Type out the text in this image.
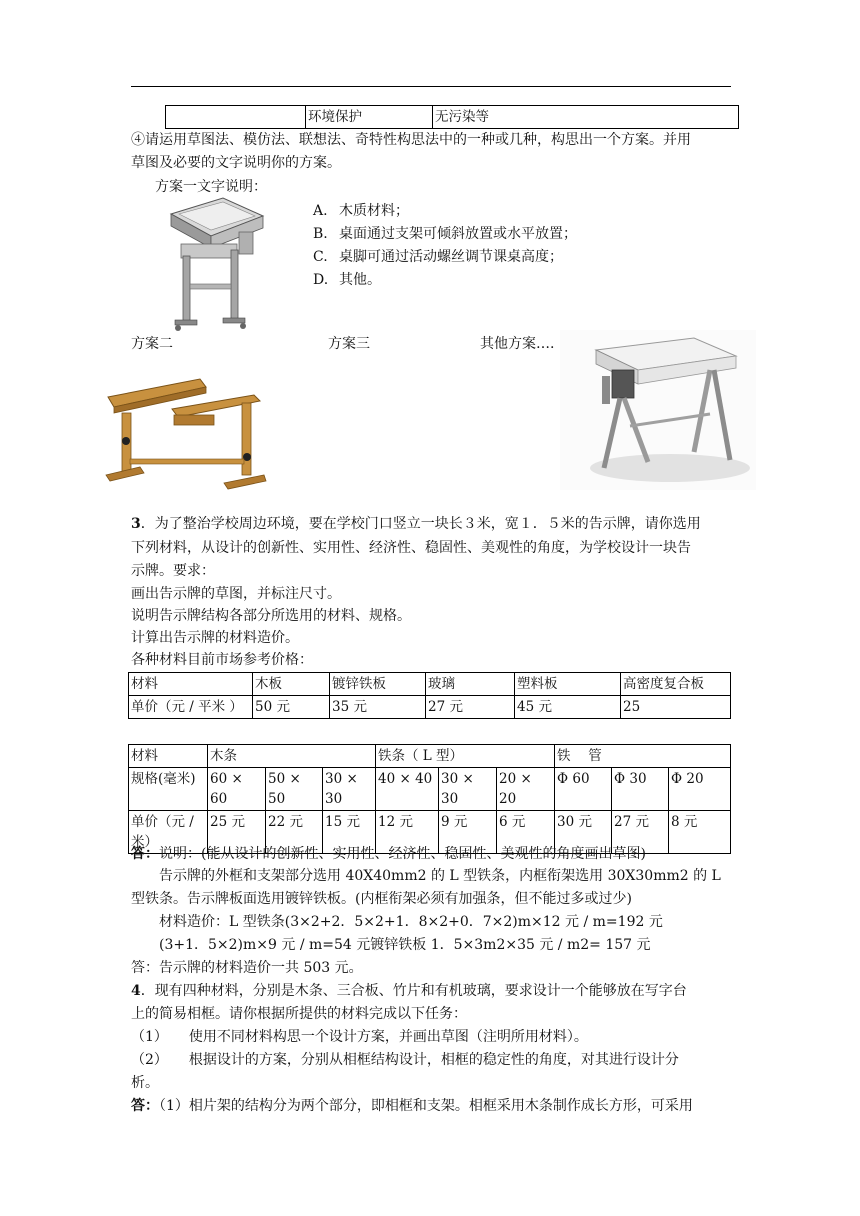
	环境保护	无污染等
④请运用草图法、模仿法、联想法、奇特性构思法中的一种或几种，构思出一个方案。并用
草图及必要的文字说明你的方案。
方案一文字说明：
A. 木质材料；
B. 桌面通过支架可倾斜放置或水平放置；
C. 桌脚可通过活动螺丝调节课桌高度；
D. 其他。
方案二	方案三	其他方案….
3．为了整治学校周边环境，要在学校门口竖立一块长３米，宽１．５米的告示牌，请你选用
下列材料，从设计的创新性、实用性、经济性、稳固性、美观性的角度，为学校设计一块告
示牌。要求：
画出告示牌的草图，并标注尺寸。
说明告示牌结构各部分所选用的材料、规格。
计算出告示牌的材料造价。
各种材料目前市场参考价格：
材料	木板	镀锌铁板	玻璃	塑料板	高密度复合板
单价（元 / 平米 ）	50 元	35 元	27 元	45 元	25
材料	木条			铁条（ L 型）			铁　 管		
规格(毫米)	60 × 60	50 × 50	30 × 30	40 × 40	30 × 30	20 × 20	Φ 60	Φ 30	Φ 20
单价（元 /米）	25 元	22 元	15 元	12 元	9 元	6 元	30 元	27 元	8 元
答：说明：(能从设计的创新性、实用性、经济性、稳固性、美观性的角度画出草图)
告示牌的外框和支架部分选用 40X40mm2 的 L 型铁条，内框衔架选用 30X30mm2 的 L
型铁条。告示牌板面选用镀锌铁板。(内框衔架必须有加强条，但不能过多或过少)
材料造价：L 型铁条(3×2+2．5×2+1．8×2+0．7×2)m×12 元 / m=192 元
(3+1．5×2)m×9 元 / m=54 元镀锌铁板 1．5×3m2×35 元 / m2= 157 元
答：告示牌的材料造价一共 503 元。
4．现有四种材料，分别是木条、三合板、竹片和有机玻璃，要求设计一个能够放在写字台
上的简易相框。请你根据所提供的材料完成以下任务：
（1）　　使用不同材料构思一个设计方案，并画出草图（注明所用材料）。
（2）　　根据设计的方案，分别从相框结构设计，相框的稳定性的角度，对其进行设计分
析。
答：（1）相片架的结构分为两个部分，即相框和支架。相框采用木条制作成长方形，可采用
